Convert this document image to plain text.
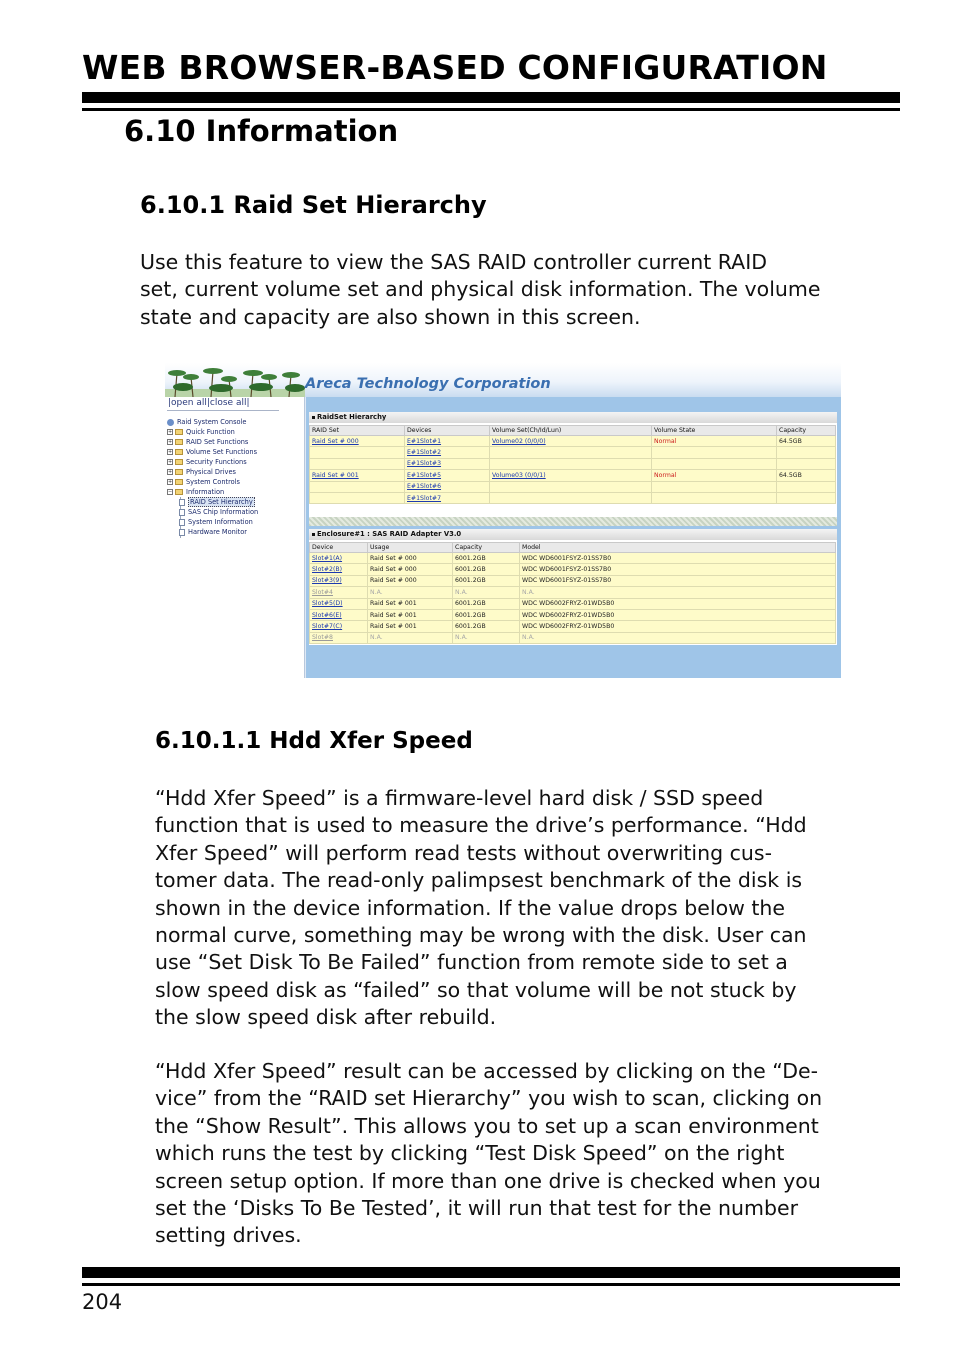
WEB BROWSER-BASED CONFIGURATION
6.10 Information
6.10.1 Raid Set Hierarchy
Use this feature to view the SAS RAID controller current RAID
set, current volume set and physical disk information. The volume
state and capacity are also shown in this screen.
Areca Technology Corporation
|open all|close all|
Raid System Console
+ Quick Function
+ RAID Set Functions
+ Volume Set Functions
+ Security Functions
+ Physical Drives
+ System Controls
− Information
RAID Set Hierarchy
SAS Chip Information
System Information
Hardware Monitor
RaidSet Hierarchy
RAID Set	Devices	Volume Set(Ch/Id/Lun)	Volume State	Capacity
Raid Set # 000	E#1Slot#1	Volume02 (0/0/0)	Normal	64.5GB
	E#1Slot#2			
	E#1Slot#3			
Raid Set # 001	E#1Slot#5	Volume03 (0/0/1)	Normal	64.5GB
	E#1Slot#6			
	E#1Slot#7			
Enclosure#1 : SAS RAID Adapter V3.0
Device	Usage	Capacity	Model
Slot#1(A)	Raid Set # 000	6001.2GB	WDC WD6001FSYZ-01SS7B0
Slot#2(B)	Raid Set # 000	6001.2GB	WDC WD6001FSYZ-01SS7B0
Slot#3(9)	Raid Set # 000	6001.2GB	WDC WD6001FSYZ-01SS7B0
Slot#4	N.A.	N.A.	N.A.
Slot#5(D)	Raid Set # 001	6001.2GB	WDC WD6002FRYZ-01WD5B0
Slot#6(E)	Raid Set # 001	6001.2GB	WDC WD6002FRYZ-01WD5B0
Slot#7(C)	Raid Set # 001	6001.2GB	WDC WD6002FRYZ-01WD5B0
Slot#8	N.A.	N.A.	N.A.
6.10.1.1 Hdd Xfer Speed
“Hdd Xfer Speed” is a firmware-level hard disk / SSD speed
function that is used to measure the drive’s performance. “Hdd
Xfer Speed” will perform read tests without overwriting cus-
tomer data. The read-only palimpsest benchmark of the disk is
shown in the device information. If the value drops below the
normal curve, something may be wrong with the disk. User can
use “Set Disk To Be Failed” function from remote side to set a
slow speed disk as “failed” so that volume will be not stuck by
the slow speed disk after rebuild.
“Hdd Xfer Speed” result can be accessed by clicking on the “De-
vice” from the “RAID set Hierarchy” you wish to scan, clicking on
the “Show Result”. This allows you to set up a scan environment
which runs the test by clicking “Test Disk Speed” on the right
screen setup option. If more than one drive is checked when you
set the ‘Disks To Be Tested’, it will run that test for the number
setting drives.
204
